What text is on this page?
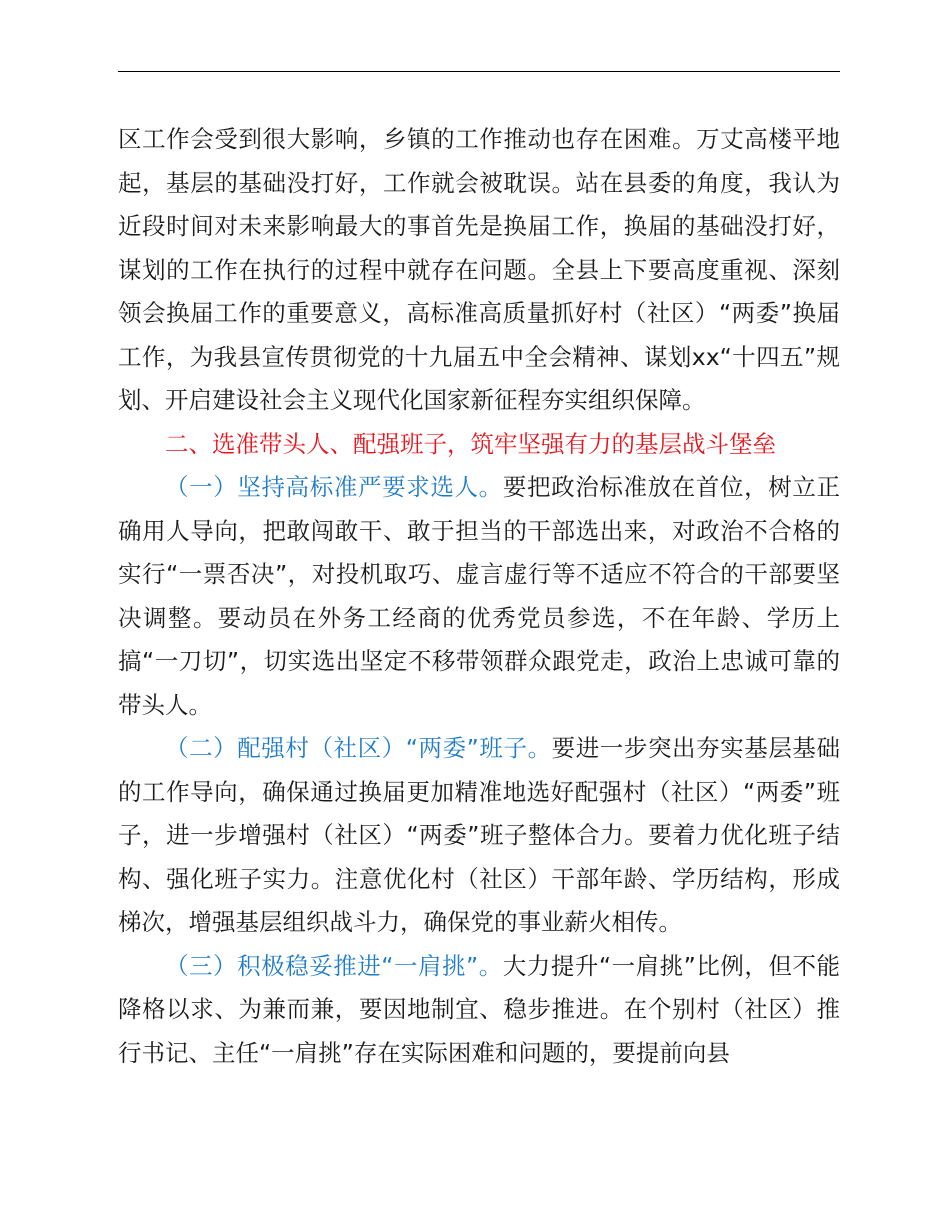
区工作会受到很大影响，乡镇的工作推动也存在困难。万丈高楼平地起，基层的基础没打好，工作就会被耽误。站在县委的角度，我认为近段时间对未来影响最大的事首先是换届工作，换届的基础没打好，谋划的工作在执行的过程中就存在问题。全县上下要高度重视、深刻领会换届工作的重要意义，高标准高质量抓好村（社区）“两委”换届工作，为我县宣传贯彻党的十九届五中全会精神、谋划xx“十四五”规划、开启建设社会主义现代化国家新征程夯实组织保障。

二、选准带头人、配强班子，筑牢坚强有力的基层战斗堡垒

（一）坚持高标准严要求选人。要把政治标准放在首位，树立正确用人导向，把敢闯敢干、敢于担当的干部选出来，对政治不合格的实行“一票否决”，对投机取巧、虚言虚行等不适应不符合的干部要坚决调整。要动员在外务工经商的优秀党员参选，不在年龄、学历上搞“一刀切”，切实选出坚定不移带领群众跟党走，政治上忠诚可靠的带头人。

（二）配强村（社区）“两委”班子。要进一步突出夯实基层基础的工作导向，确保通过换届更加精准地选好配强村（社区）“两委”班子，进一步增强村（社区）“两委”班子整体合力。要着力优化班子结构、强化班子实力。注意优化村（社区）干部年龄、学历结构，形成梯次，增强基层组织战斗力，确保党的事业薪火相传。

（三）积极稳妥推进“一肩挑”。大力提升“一肩挑”比例，但不能降格以求、为兼而兼，要因地制宜、稳步推进。在个别村（社区）推行书记、主任“一肩挑”存在实际困难和问题的，要提前向县
